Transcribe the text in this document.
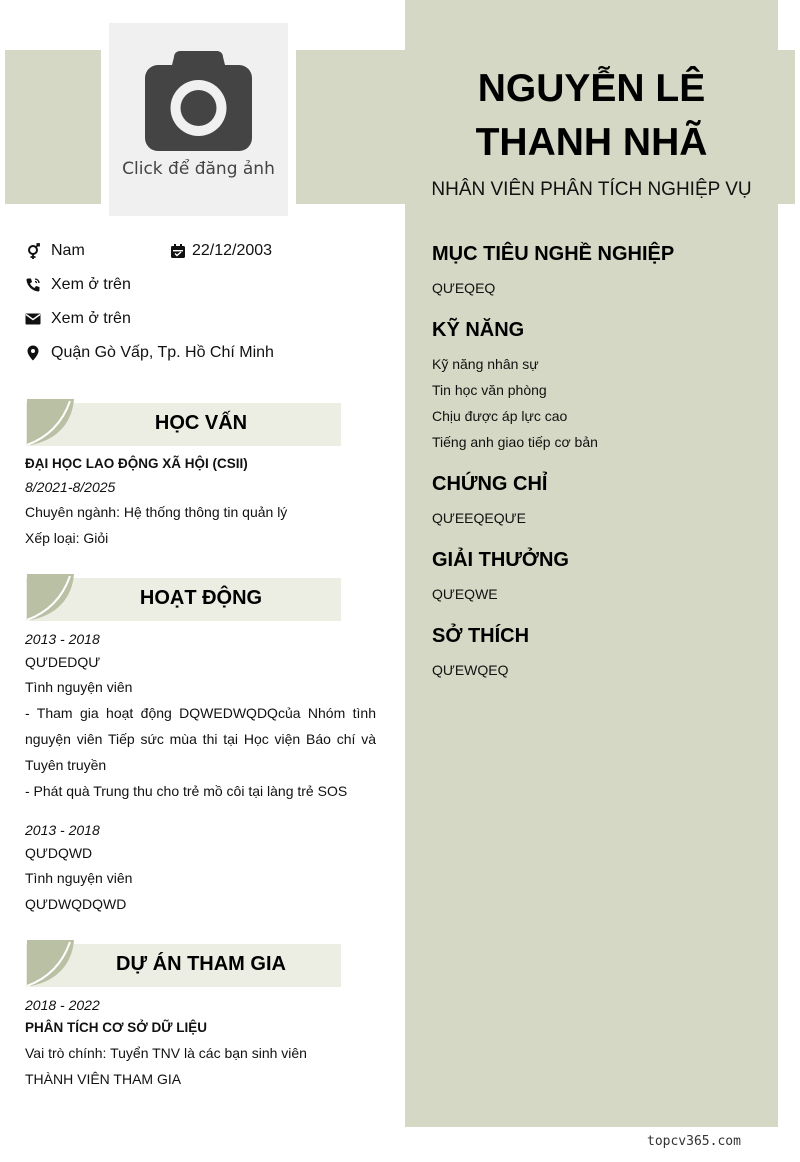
Click để đăng ảnh
NGUYỄN LÊ
THANH NHÃ
NHÂN VIÊN PHÂN TÍCH NGHIỆP VỤ
Nam	22/12/2003
Xem ở trên
Xem ở trên
Quận Gò Vấp, Tp. Hồ Chí Minh
HỌC VẤN
ĐẠI HỌC LAO ĐỘNG XÃ HỘI (CSII)
8/2021-8/2025
Chuyên ngành: Hệ thống thông tin quản lý
Xếp loại: Giỏi
HOẠT ĐỘNG
2013 - 2018
QƯDEDQƯ
Tình nguyện viên
- Tham gia hoạt động DQWEDWQDQcủa Nhóm tình nguyện viên Tiếp sức mùa thi tại Học viện Báo chí và Tuyên truyền
- Phát quà Trung thu cho trẻ mồ côi tại làng trẻ SOS
2013 - 2018
QƯDQWD
Tình nguyện viên
QƯDWQDQWD
DỰ ÁN THAM GIA
2018 - 2022
PHÂN TÍCH CƠ SỞ DỮ LIỆU
Vai trò chính: Tuyển TNV là các bạn sinh viên
THÀNH VIÊN THAM GIA
MỤC TIÊU NGHỀ NGHIỆP
QƯEQEQ
KỸ NĂNG
Kỹ năng nhân sự
Tin học văn phòng
Chịu được áp lực cao
Tiếng anh giao tiếp cơ bản
CHỨNG CHỈ
QƯEEQEQƯE
GIẢI THƯỞNG
QƯEQWE
SỞ THÍCH
QƯEWQEQ
topcv365.com
